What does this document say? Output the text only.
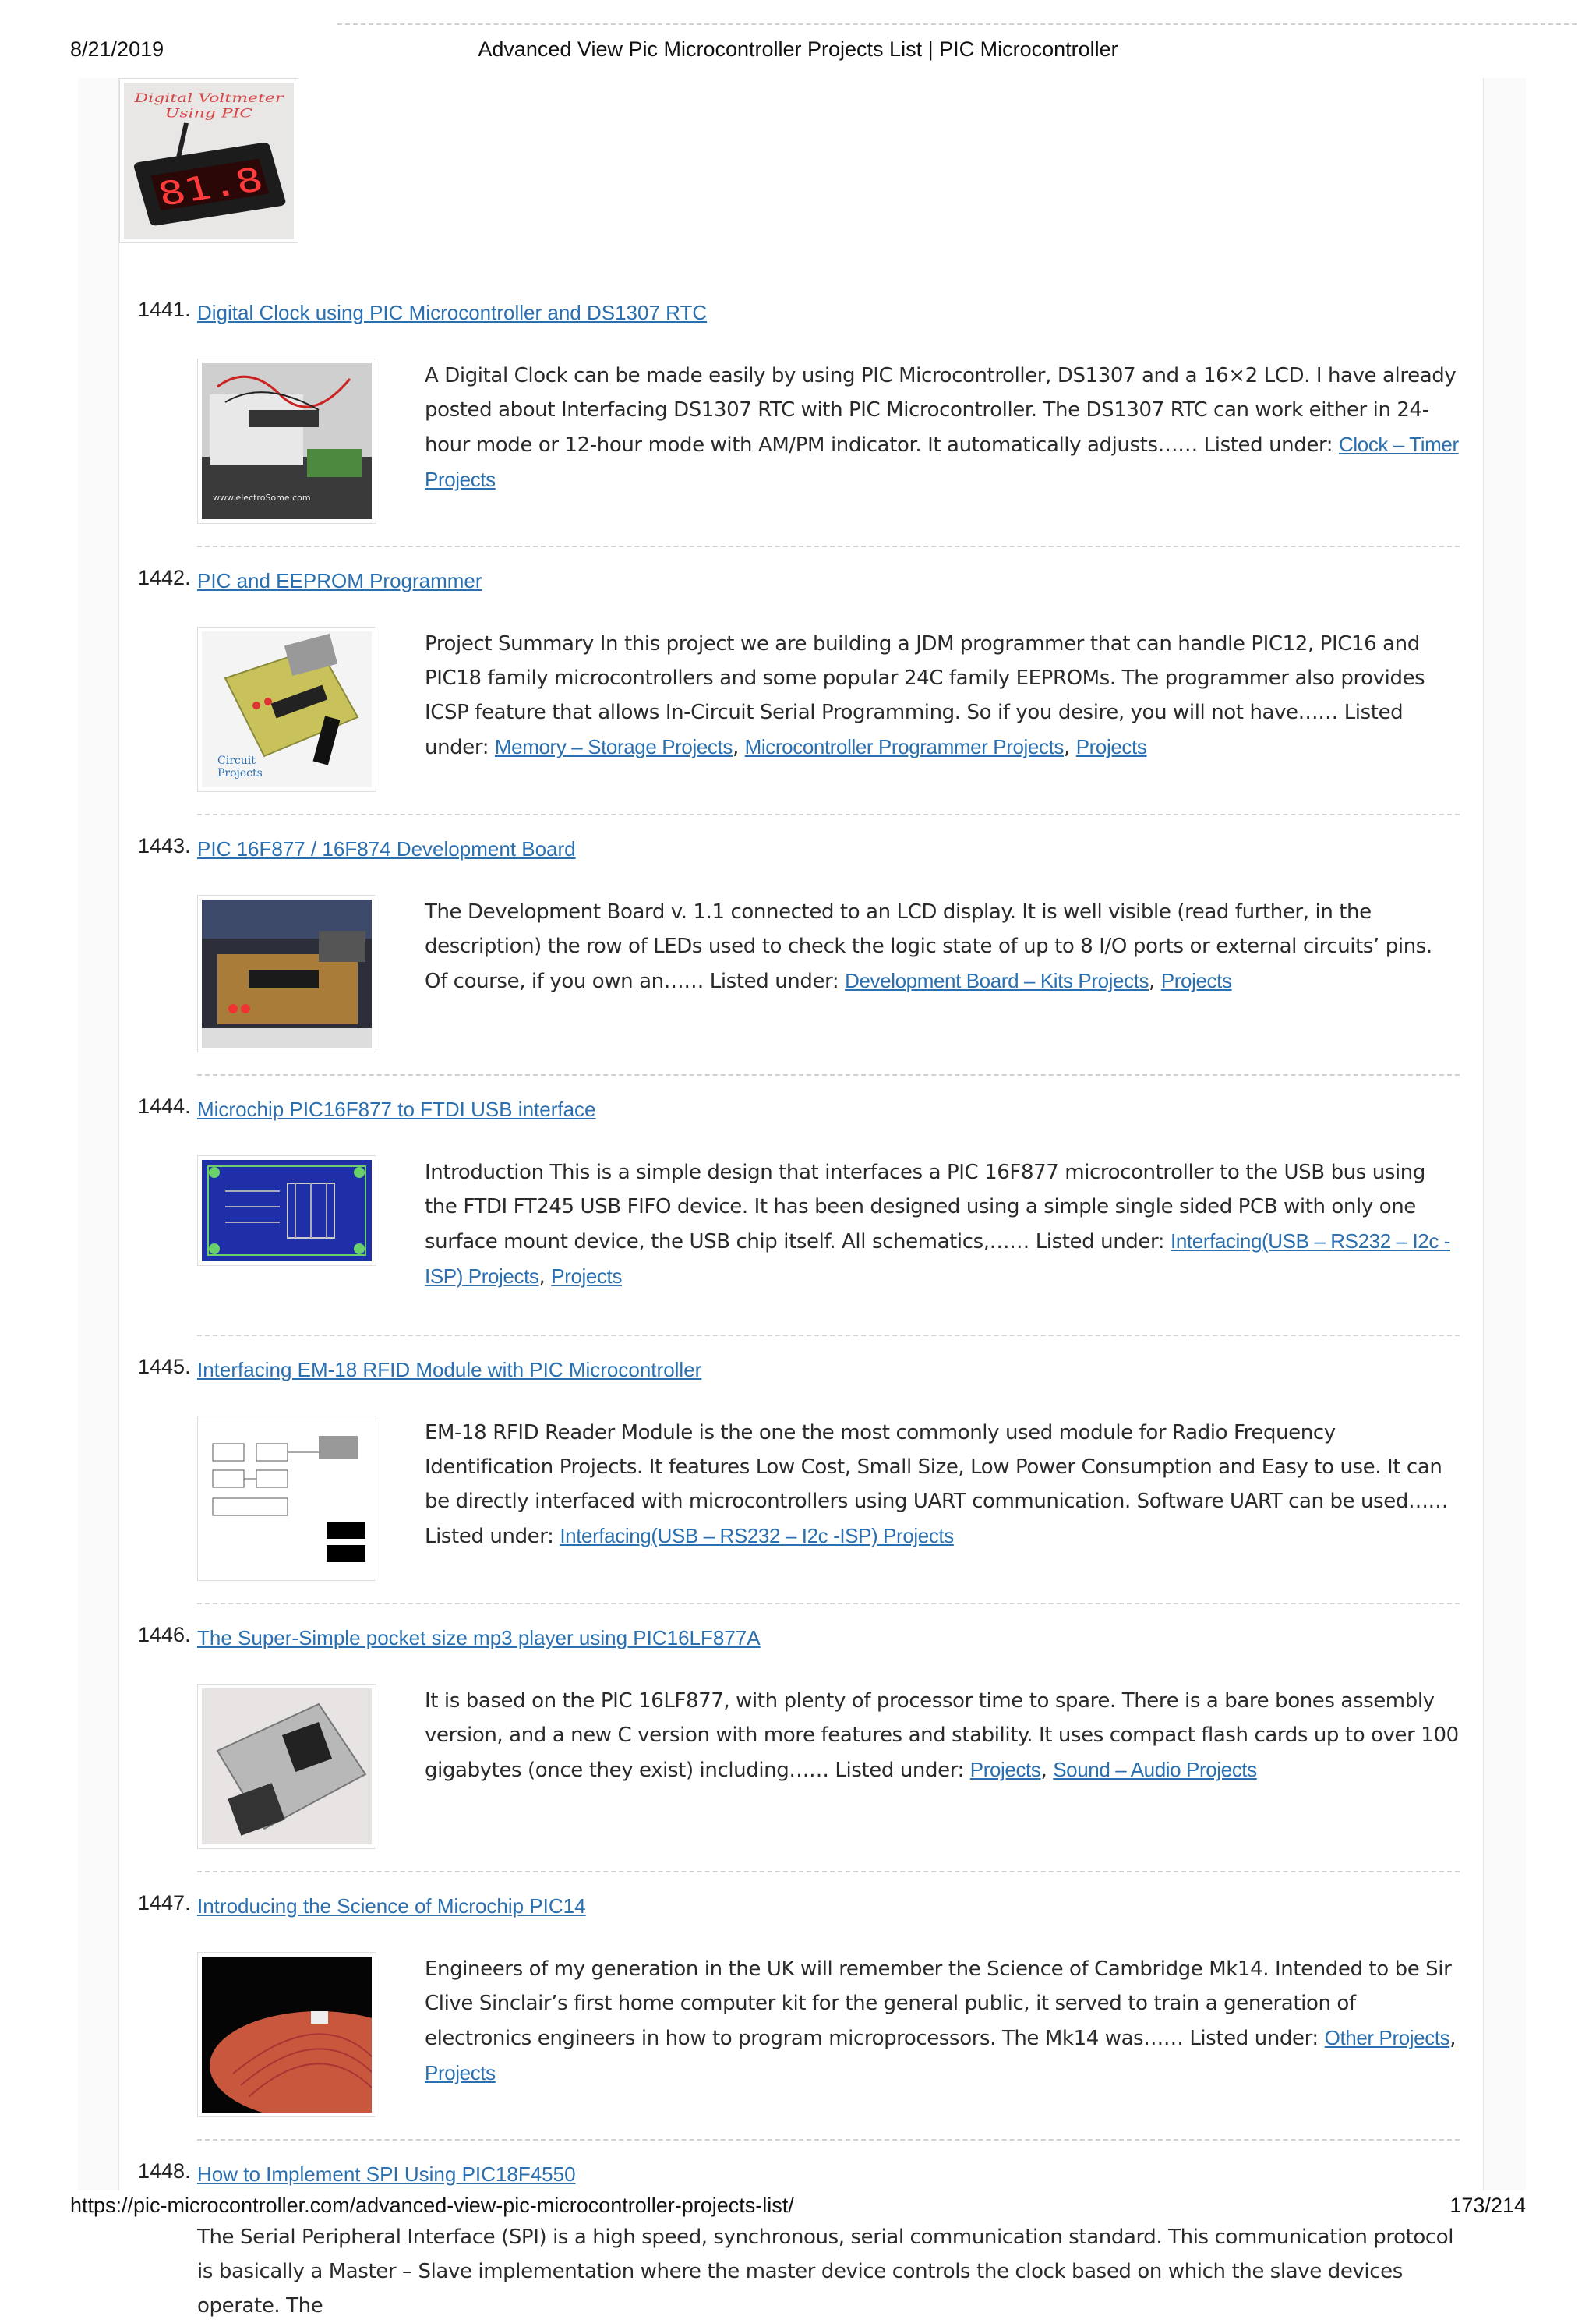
8/21/2019	Advanced View Pic Microcontroller Projects List | PIC Microcontroller
Digital Voltmeter
Using PIC
81.8
1441. Digital Clock using PIC Microcontroller and DS1307 RTC
www.electroSome.com
A Digital Clock can be made easily by using PIC Microcontroller, DS1307 and a 16×2 LCD. I have already posted about Interfacing DS1307 RTC with PIC Microcontroller. The DS1307 RTC can work either in 24-hour mode or 12-hour mode with AM/PM indicator. It automatically adjusts…… Listed under: Clock – Timer Projects
1442. PIC and EEPROM Programmer
Circuit
Projects
Project Summary In this project we are building a JDM programmer that can handle PIC12, PIC16 and PIC18 family microcontrollers and some popular 24C family EEPROMs. The programmer also provides ICSP feature that allows In-Circuit Serial Programming. So if you desire, you will not have…… Listed under: Memory – Storage Projects, Microcontroller Programmer Projects, Projects
1443. PIC 16F877 / 16F874 Development Board
The Development Board v. 1.1 connected to an LCD display. It is well visible (read further, in the description) the row of LEDs used to check the logic state of up to 8 I/O ports or external circuits’ pins. Of course, if you own an…… Listed under: Development Board – Kits Projects, Projects
1444. Microchip PIC16F877 to FTDI USB interface
Introduction This is a simple design that interfaces a PIC 16F877 microcontroller to the USB bus using the FTDI FT245 USB FIFO device. It has been designed using a simple single sided PCB with only one surface mount device, the USB chip itself. All schematics,…… Listed under: Interfacing(USB – RS232 – I2c -ISP) Projects, Projects
1445. Interfacing EM-18 RFID Module with PIC Microcontroller
EM-18 RFID Reader Module is the one the most commonly used module for Radio Frequency Identification Projects. It features Low Cost, Small Size, Low Power Consumption and Easy to use. It can be directly interfaced with microcontrollers using UART communication. Software UART can be used…… Listed under: Interfacing(USB – RS232 – I2c -ISP) Projects
1446. The Super-Simple pocket size mp3 player using PIC16LF877A
It is based on the PIC 16LF877, with plenty of processor time to spare. There is a bare bones assembly version, and a new C version with more features and stability. It uses compact flash cards up to over 100 gigabytes (once they exist) including…… Listed under: Projects, Sound – Audio Projects
1447. Introducing the Science of Microchip PIC14
Engineers of my generation in the UK will remember the Science of Cambridge Mk14. Intended to be Sir Clive Sinclair’s first home computer kit for the general public, it served to train a generation of electronics engineers in how to program microprocessors. The Mk14 was…… Listed under: Other Projects, Projects
1448. How to Implement SPI Using PIC18F4550
The Serial Peripheral Interface (SPI) is a high speed, synchronous, serial communication standard. This communication protocol is basically a Master – Slave implementation where the master device controls the clock based on which the slave devices operate. The
https://pic-microcontroller.com/advanced-view-pic-microcontroller-projects-list/	173/214
